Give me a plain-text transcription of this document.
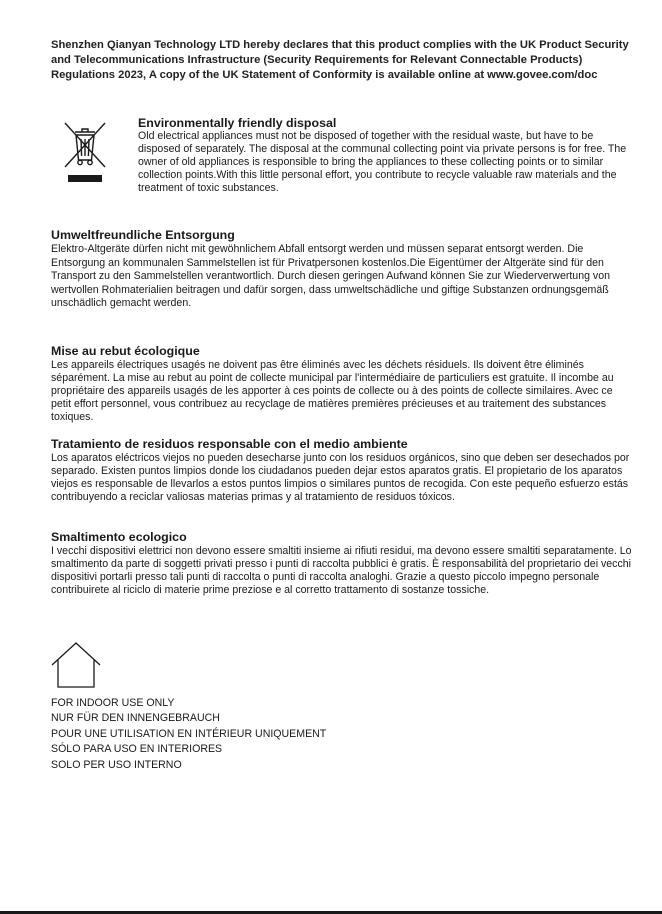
Shenzhen Qianyan Technology LTD hereby declares that this product complies with the UK Product Security and Telecommunications Infrastructure (Security Requirements for Relevant Connectable Products) Regulations 2023, A copy of the UK Statement of Conformity is available online at www.govee.com/doc
Environmentally friendly disposal
Old electrical appliances must not be disposed of together with the residual waste, but have to be disposed of separately. The disposal at the communal collecting point via private persons is for free. The owner of old appliances is responsible to bring the appliances to these collecting points or to similar collection points.With this little personal effort, you contribute to recycle valuable raw materials and the treatment of toxic substances.
Umweltfreundliche Entsorgung
Elektro-Altgeräte dürfen nicht mit gewöhnlichem Abfall entsorgt werden und müssen separat entsorgt werden. Die Entsorgung an kommunalen Sammelstellen ist für Privatpersonen kostenlos.Die Eigentümer der Altgeräte sind für den Transport zu den Sammelstellen verantwortlich. Durch diesen geringen Aufwand können Sie zur Wiederverwertung von wertvollen Rohmaterialien beitragen und dafür sorgen, dass umweltschädliche und giftige Substanzen ordnungsgemäß unschädlich gemacht werden.
Mise au rebut écologique
Les appareils électriques usagés ne doivent pas être éliminés avec les déchets résiduels. Ils doivent être éliminés séparément. La mise au rebut au point de collecte municipal par l'intermédiaire de particuliers est gratuite. Il incombe au propriétaire des appareils usagés de les apporter à ces points de collecte ou à des points de collecte similaires. Avec ce petit effort personnel, vous contribuez au recyclage de matières premières précieuses et au traitement des substances toxiques.
Tratamiento de residuos responsable con el medio ambiente
Los aparatos eléctricos viejos no pueden desecharse junto con los residuos orgánicos, sino que deben ser desechados por separado. Existen puntos limpios donde los ciudadanos pueden dejar estos aparatos gratis. El propietario de los aparatos viejos es responsable de llevarlos a estos puntos limpios o similares puntos de recogida. Con este pequeño esfuerzo estás contribuyendo a reciclar valiosas materias primas y al tratamiento de residuos tóxicos.
Smaltimento ecologico
I vecchi dispositivi elettrici non devono essere smaltiti insieme ai rifiuti residui, ma devono essere smaltiti separatamente. Lo smaltimento da parte di soggetti privati presso i punti di raccolta pubblici è gratis. È responsabilità del proprietario dei vecchi dispositivi portarli presso tali punti di raccolta o punti di raccolta analoghi. Grazie a questo piccolo impegno personale contribuirete al riciclo di materie prime preziose e al corretto trattamento di sostanze tossiche.
FOR INDOOR USE ONLY
NUR FÜR DEN INNENGEBRAUCH
POUR UNE UTILISATION EN INTÉRIEUR UNIQUEMENT
SÓLO PARA USO EN INTERIORES
SOLO PER USO INTERNO
